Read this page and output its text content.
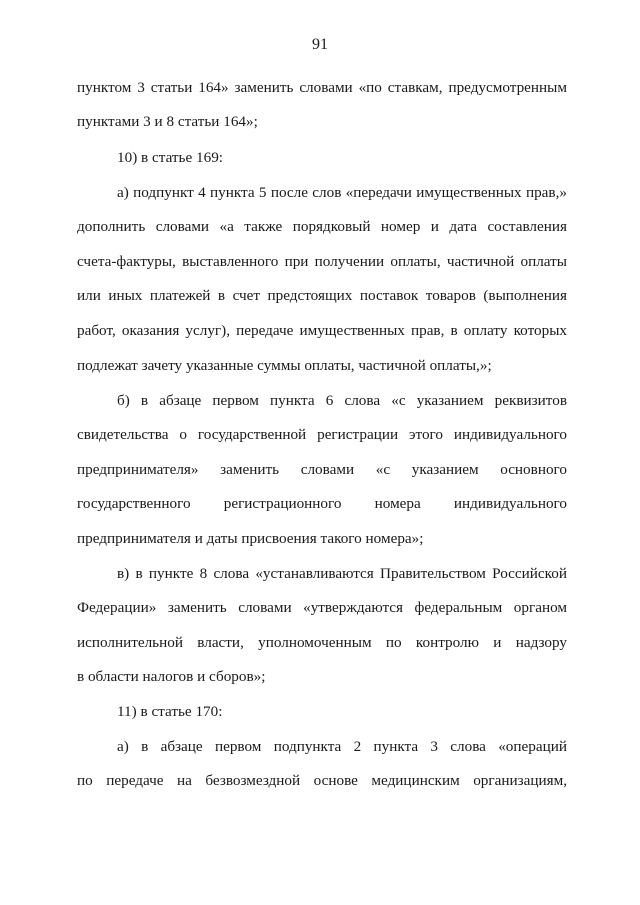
91
пунктом 3 статьи 164» заменить словами «по ставкам, предусмотренным
пунктами 3 и 8 статьи 164»;
10) в статье 169:
а) подпункт 4 пункта 5 после слов «передачи имущественных прав,»
дополнить словами «а также порядковый номер и дата составления
счета-фактуры, выставленного при получении оплаты, частичной оплаты
или иных платежей в счет предстоящих поставок товаров (выполнения
работ, оказания услуг), передаче имущественных прав, в оплату которых
подлежат зачету указанные суммы оплаты, частичной оплаты,»;
б) в абзаце первом пункта 6 слова «с указанием реквизитов
свидетельства о государственной регистрации этого индивидуального
предпринимателя» заменить словами «с указанием основного
государственного регистрационного номера индивидуального
предпринимателя и даты присвоения такого номера»;
в) в пункте 8 слова «устанавливаются Правительством Российской
Федерации» заменить словами «утверждаются федеральным органом
исполнительной власти, уполномоченным по контролю и надзору
в области налогов и сборов»;
11) в статье 170:
а) в абзаце первом подпункта 2 пункта 3 слова «операций
по передаче на безвозмездной основе медицинским организациям,
